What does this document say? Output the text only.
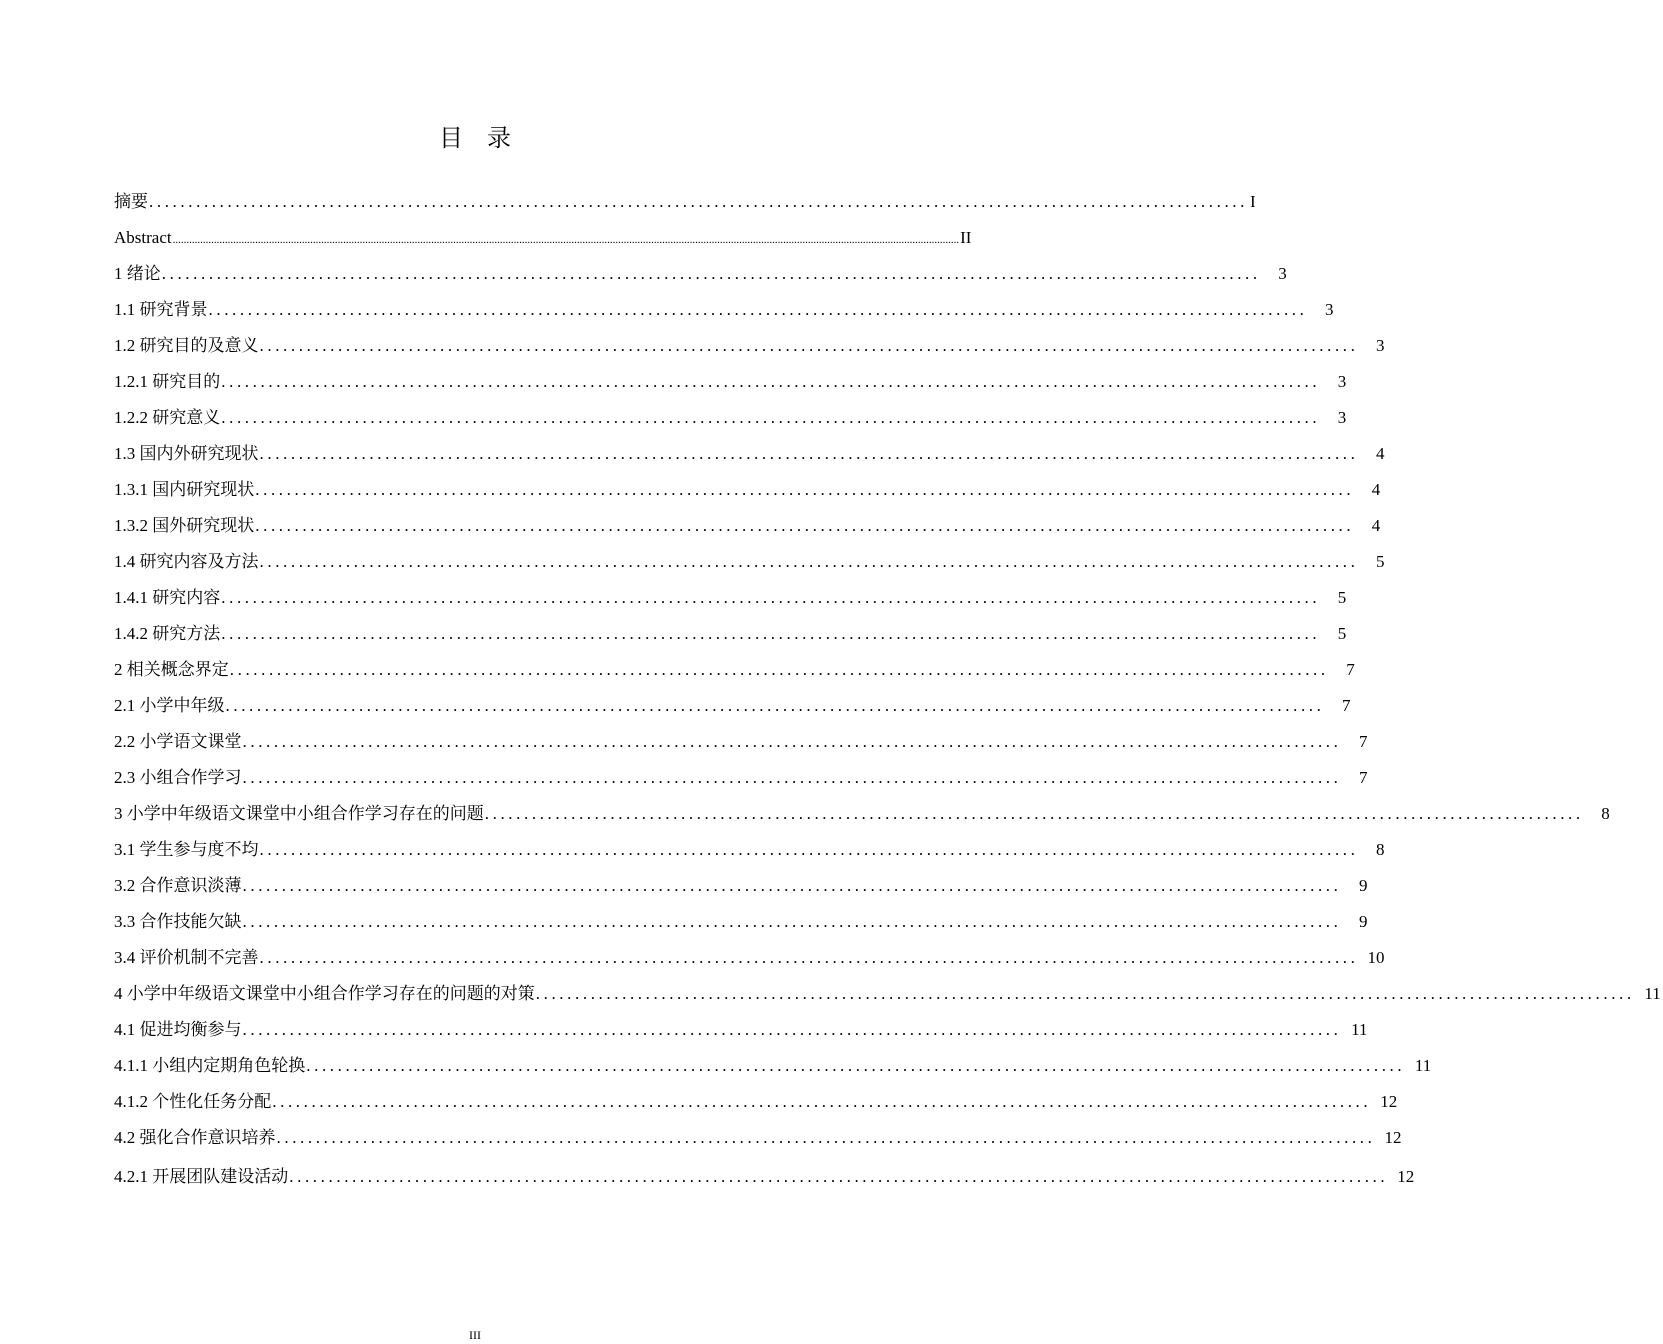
目　录
摘要 ............................................................................................................................................ I
Abstract .............................................................................................................................................................................................................................................................................................. II
1 绪论 ............................................................................................................................................	3
1.1 研究背景 ............................................................................................................................................	3
1.2 研究目的及意义 ............................................................................................................................................	3
1.2.1 研究目的 ............................................................................................................................................	3
1.2.2 研究意义 ............................................................................................................................................	3
1.3 国内外研究现状 ............................................................................................................................................	4
1.3.1 国内研究现状 ............................................................................................................................................	4
1.3.2 国外研究现状 ............................................................................................................................................	4
1.4 研究内容及方法 ............................................................................................................................................	5
1.4.1 研究内容 ............................................................................................................................................	5
1.4.2 研究方法 ............................................................................................................................................	5
2 相关概念界定 ............................................................................................................................................	7
2.1 小学中年级 ............................................................................................................................................	7
2.2 小学语文课堂 ............................................................................................................................................	7
2.3 小组合作学习 ............................................................................................................................................	7
3 小学中年级语文课堂中小组合作学习存在的问题 ............................................................................................................................................	8
3.1 学生参与度不均 ............................................................................................................................................	8
3.2 合作意识淡薄 ............................................................................................................................................	9
3.3 合作技能欠缺 ............................................................................................................................................	9
3.4 评价机制不完善 ............................................................................................................................................ 10
4 小学中年级语文课堂中小组合作学习存在的问题的对策 ............................................................................................................................................ 11
4.1 促进均衡参与 ............................................................................................................................................ 11
4.1.1 小组内定期角色轮换 ............................................................................................................................................ 11
4.1.2 个性化任务分配 ............................................................................................................................................ 12
4.2 强化合作意识培养 ............................................................................................................................................ 12
4.2.1 开展团队建设活动 ............................................................................................................................................ 12
III
